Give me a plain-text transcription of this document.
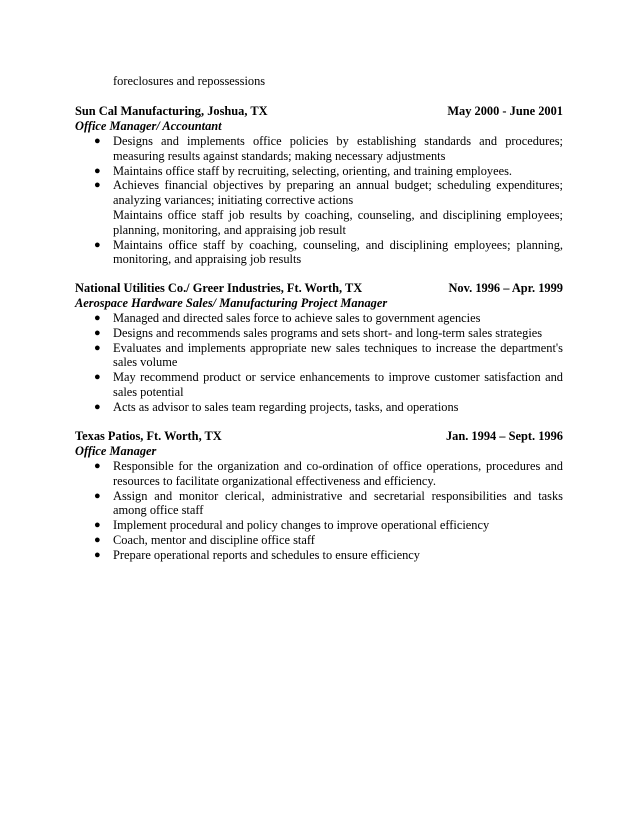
foreclosures and repossessions
Sun Cal Manufacturing, Joshua, TX	May 2000 - June 2001
Office Manager/ Accountant
● Designs and implements office policies by establishing standards and procedures; measuring results against standards; making necessary adjustments
● Maintains office staff by recruiting, selecting, orienting, and training employees.
● Achieves financial objectives by preparing an annual budget; scheduling expenditures; analyzing variances; initiating corrective actions
Maintains office staff job results by coaching, counseling, and disciplining employees; planning, monitoring, and appraising job result
● Maintains office staff by coaching, counseling, and disciplining employees; planning, monitoring, and appraising job results
National Utilities Co./ Greer Industries, Ft. Worth, TX	Nov. 1996 – Apr. 1999
Aerospace Hardware Sales/ Manufacturing Project Manager
● Managed and directed sales force to achieve sales to government agencies
● Designs and recommends sales programs and sets short- and long-term sales strategies
● Evaluates and implements appropriate new sales techniques to increase the department's sales volume
● May recommend product or service enhancements to improve customer satisfaction and sales potential
● Acts as advisor to sales team regarding projects, tasks, and operations
Texas Patios, Ft. Worth, TX	Jan. 1994 – Sept. 1996
Office Manager
● Responsible for the organization and co-ordination of office operations, procedures and resources to facilitate organizational effectiveness and efficiency.
● Assign and monitor clerical, administrative and secretarial responsibilities and tasks among office staff
● Implement procedural and policy changes to improve operational efficiency
● Coach, mentor and discipline office staff
● Prepare operational reports and schedules to ensure efficiency
